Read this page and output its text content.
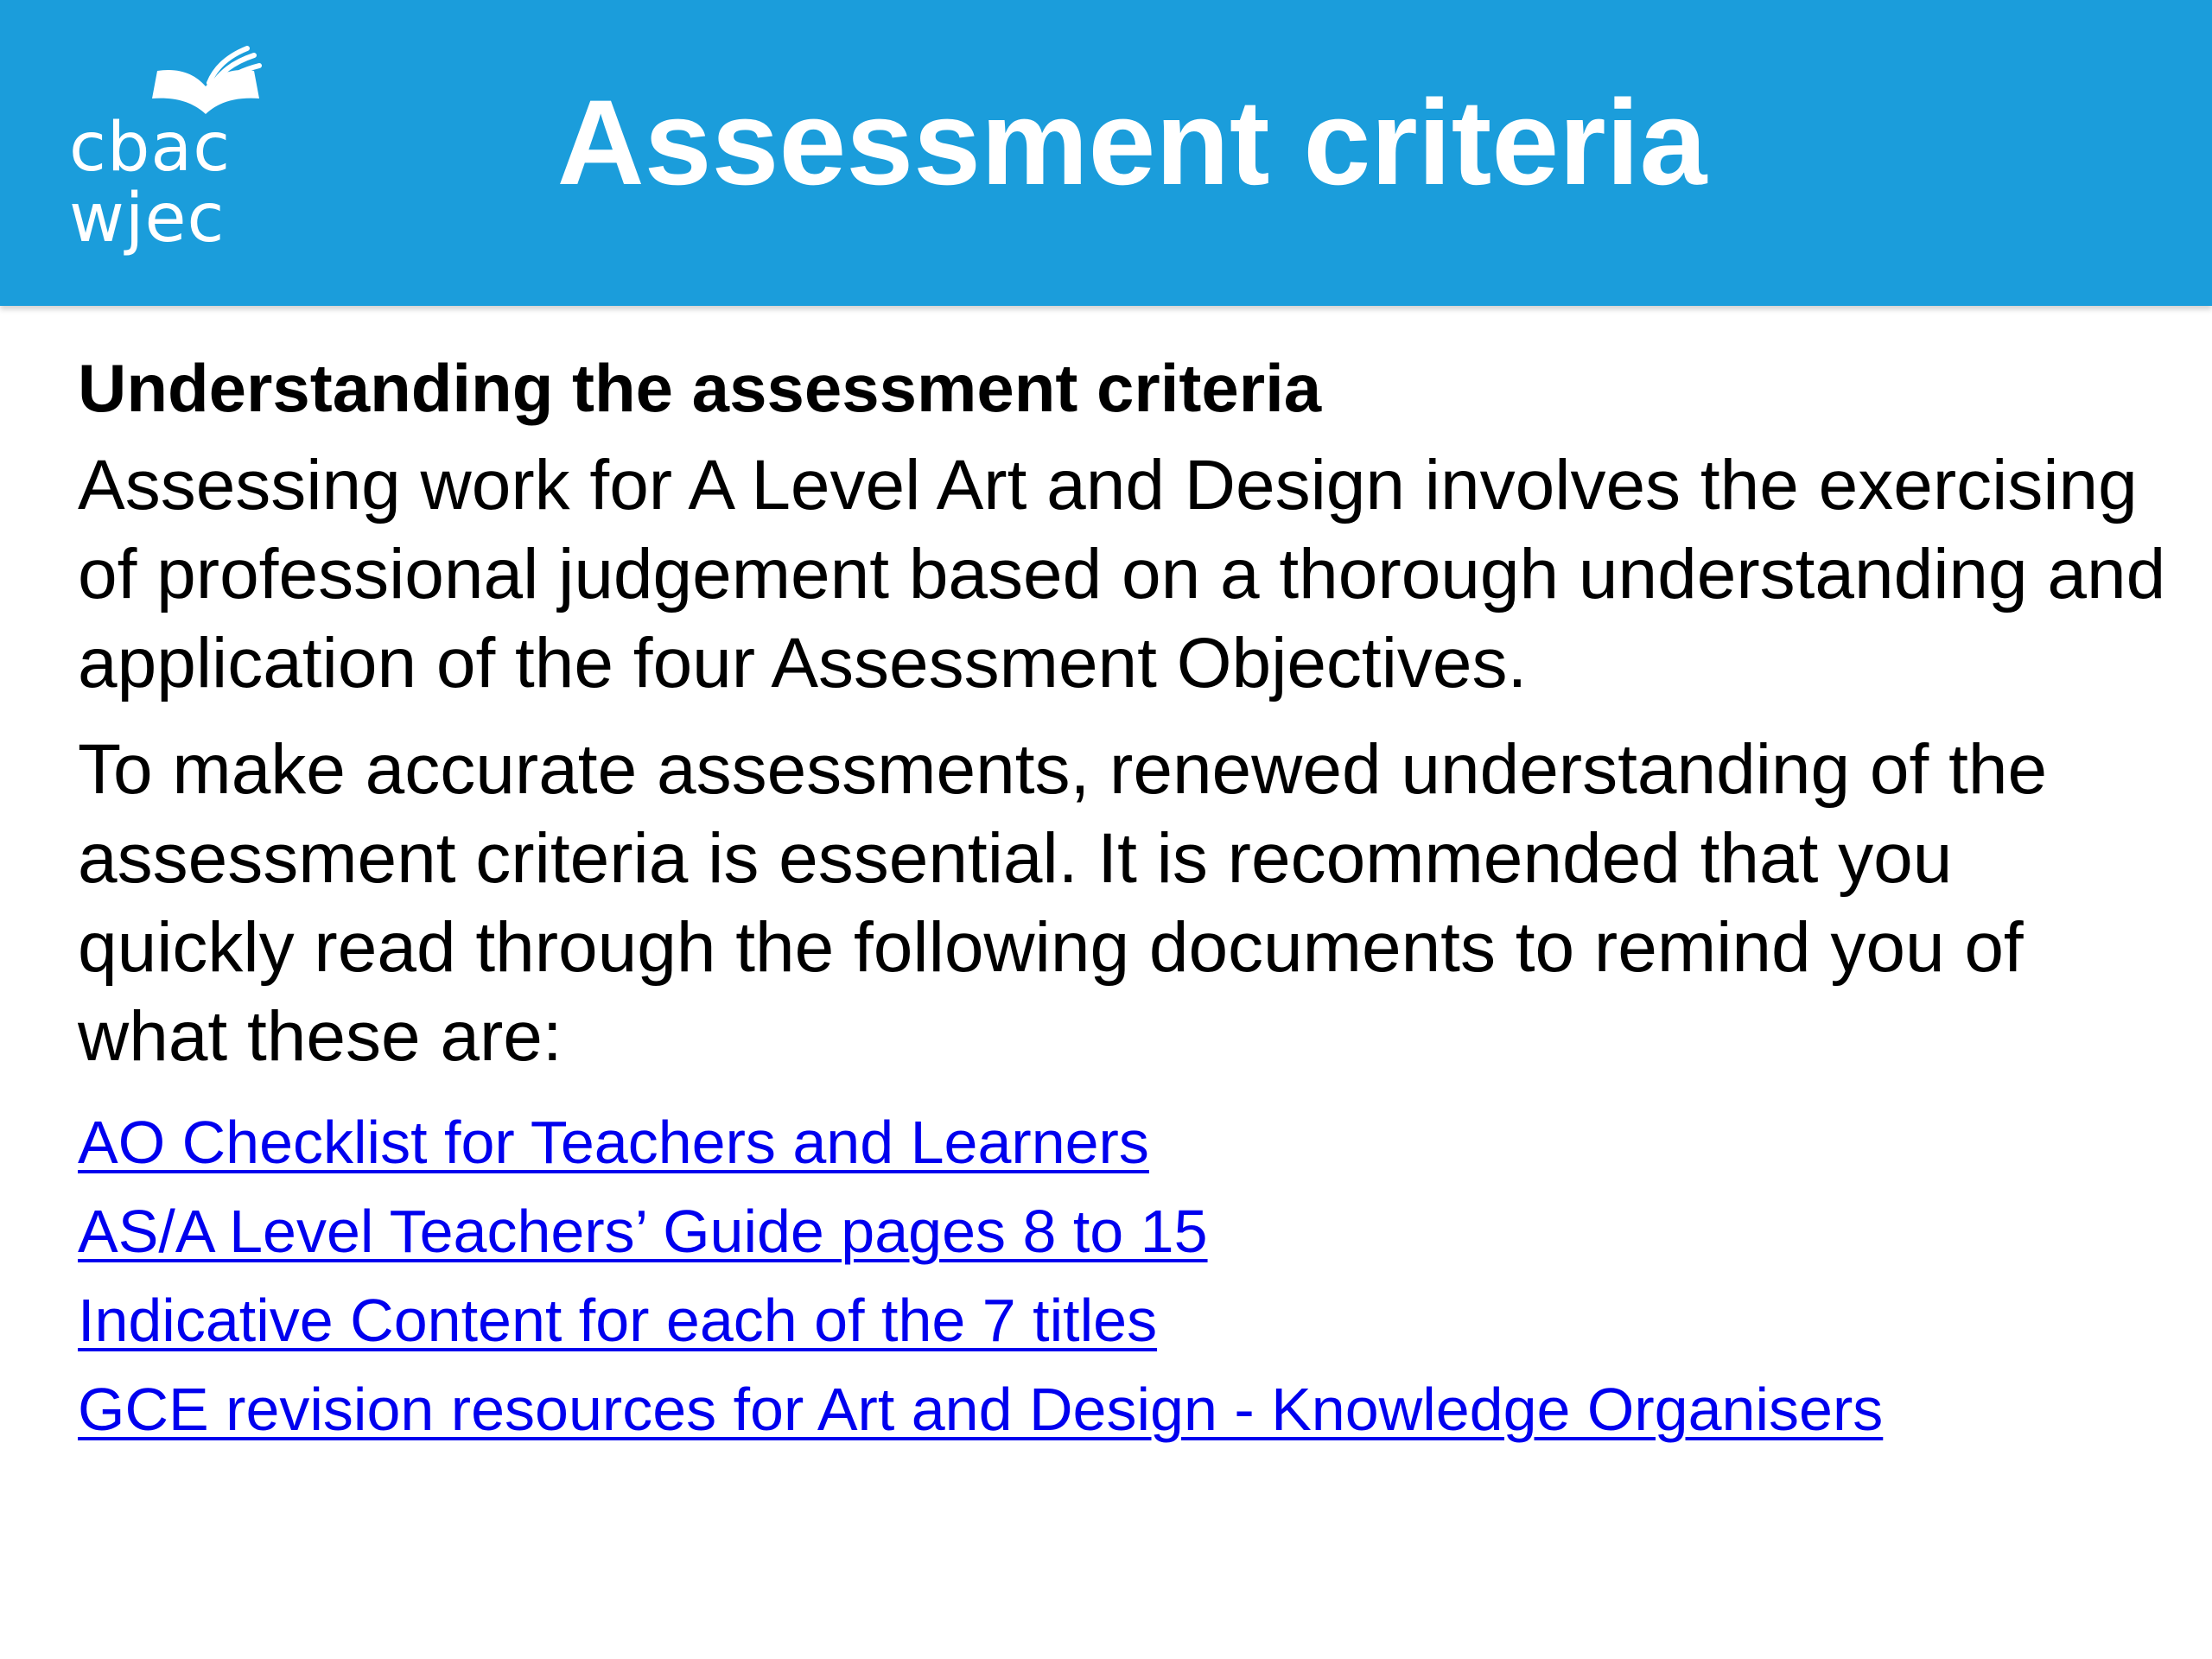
cbac
wjec
Assessment criteria
Understanding the assessment criteria

Assessing work for A Level Art and Design involves the exercising of professional judgement based on a thorough understanding and application of the four Assessment Objectives.

To make accurate assessments, renewed understanding of the assessment criteria is essential. It is recommended that you quickly read through the following documents to remind you of what these are:

AO Checklist for Teachers and Learners
AS/A Level Teachers’ Guide pages 8 to 15
Indicative Content for each of the 7 titles
GCE revision resources for Art and Design - Knowledge Organisers
